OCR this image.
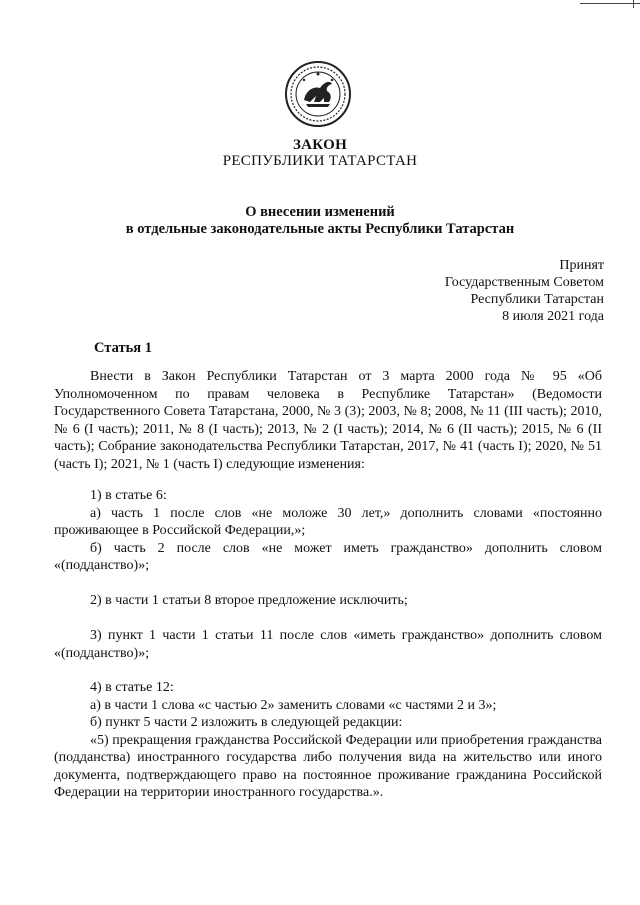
ЗАКОН
РЕСПУБЛИКИ ТАТАРСТАН
О внесении изменений
в отдельные законодательные акты Республики Татарстан
Принят
Государственным Советом
Республики Татарстан
8 июля 2021 года
Статья 1

Внести в Закон Республики Татарстан от 3 марта 2000 года № 95 «Об Уполномоченном по правам человека в Республике Татарстан» (Ведомости Государственного Совета Татарстана, 2000, № 3 (3); 2003, № 8; 2008, № 11 (III часть); 2010, № 6 (I часть); 2011, № 8 (I часть); 2013, № 2 (I часть); 2014, № 6 (II часть); 2015, № 6 (II часть); Собрание законодательства Республики Татарстан, 2017, № 41 (часть I); 2020, № 51 (часть I); 2021, № 1 (часть I) следующие изменения:

1) в статье 6:

а) часть 1 после слов «не моложе 30 лет,» дополнить словами «постоянно проживающее в Российской Федерации,»;

б) часть 2 после слов «не может иметь гражданство» дополнить словом «(подданство)»;

2) в части 1 статьи 8 второе предложение исключить;

3) пункт 1 части 1 статьи 11 после слов «иметь гражданство» дополнить словом «(подданство)»;

4) в статье 12:

а) в части 1 слова «с частью 2» заменить словами «с частями 2 и 3»;

б) пункт 5 части 2 изложить в следующей редакции:

«5) прекращения гражданства Российской Федерации или приобретения гражданства (подданства) иностранного государства либо получения вида на жительство или иного документа, подтверждающего право на постоянное проживание гражданина Российской Федерации на территории иностранного государства.».
